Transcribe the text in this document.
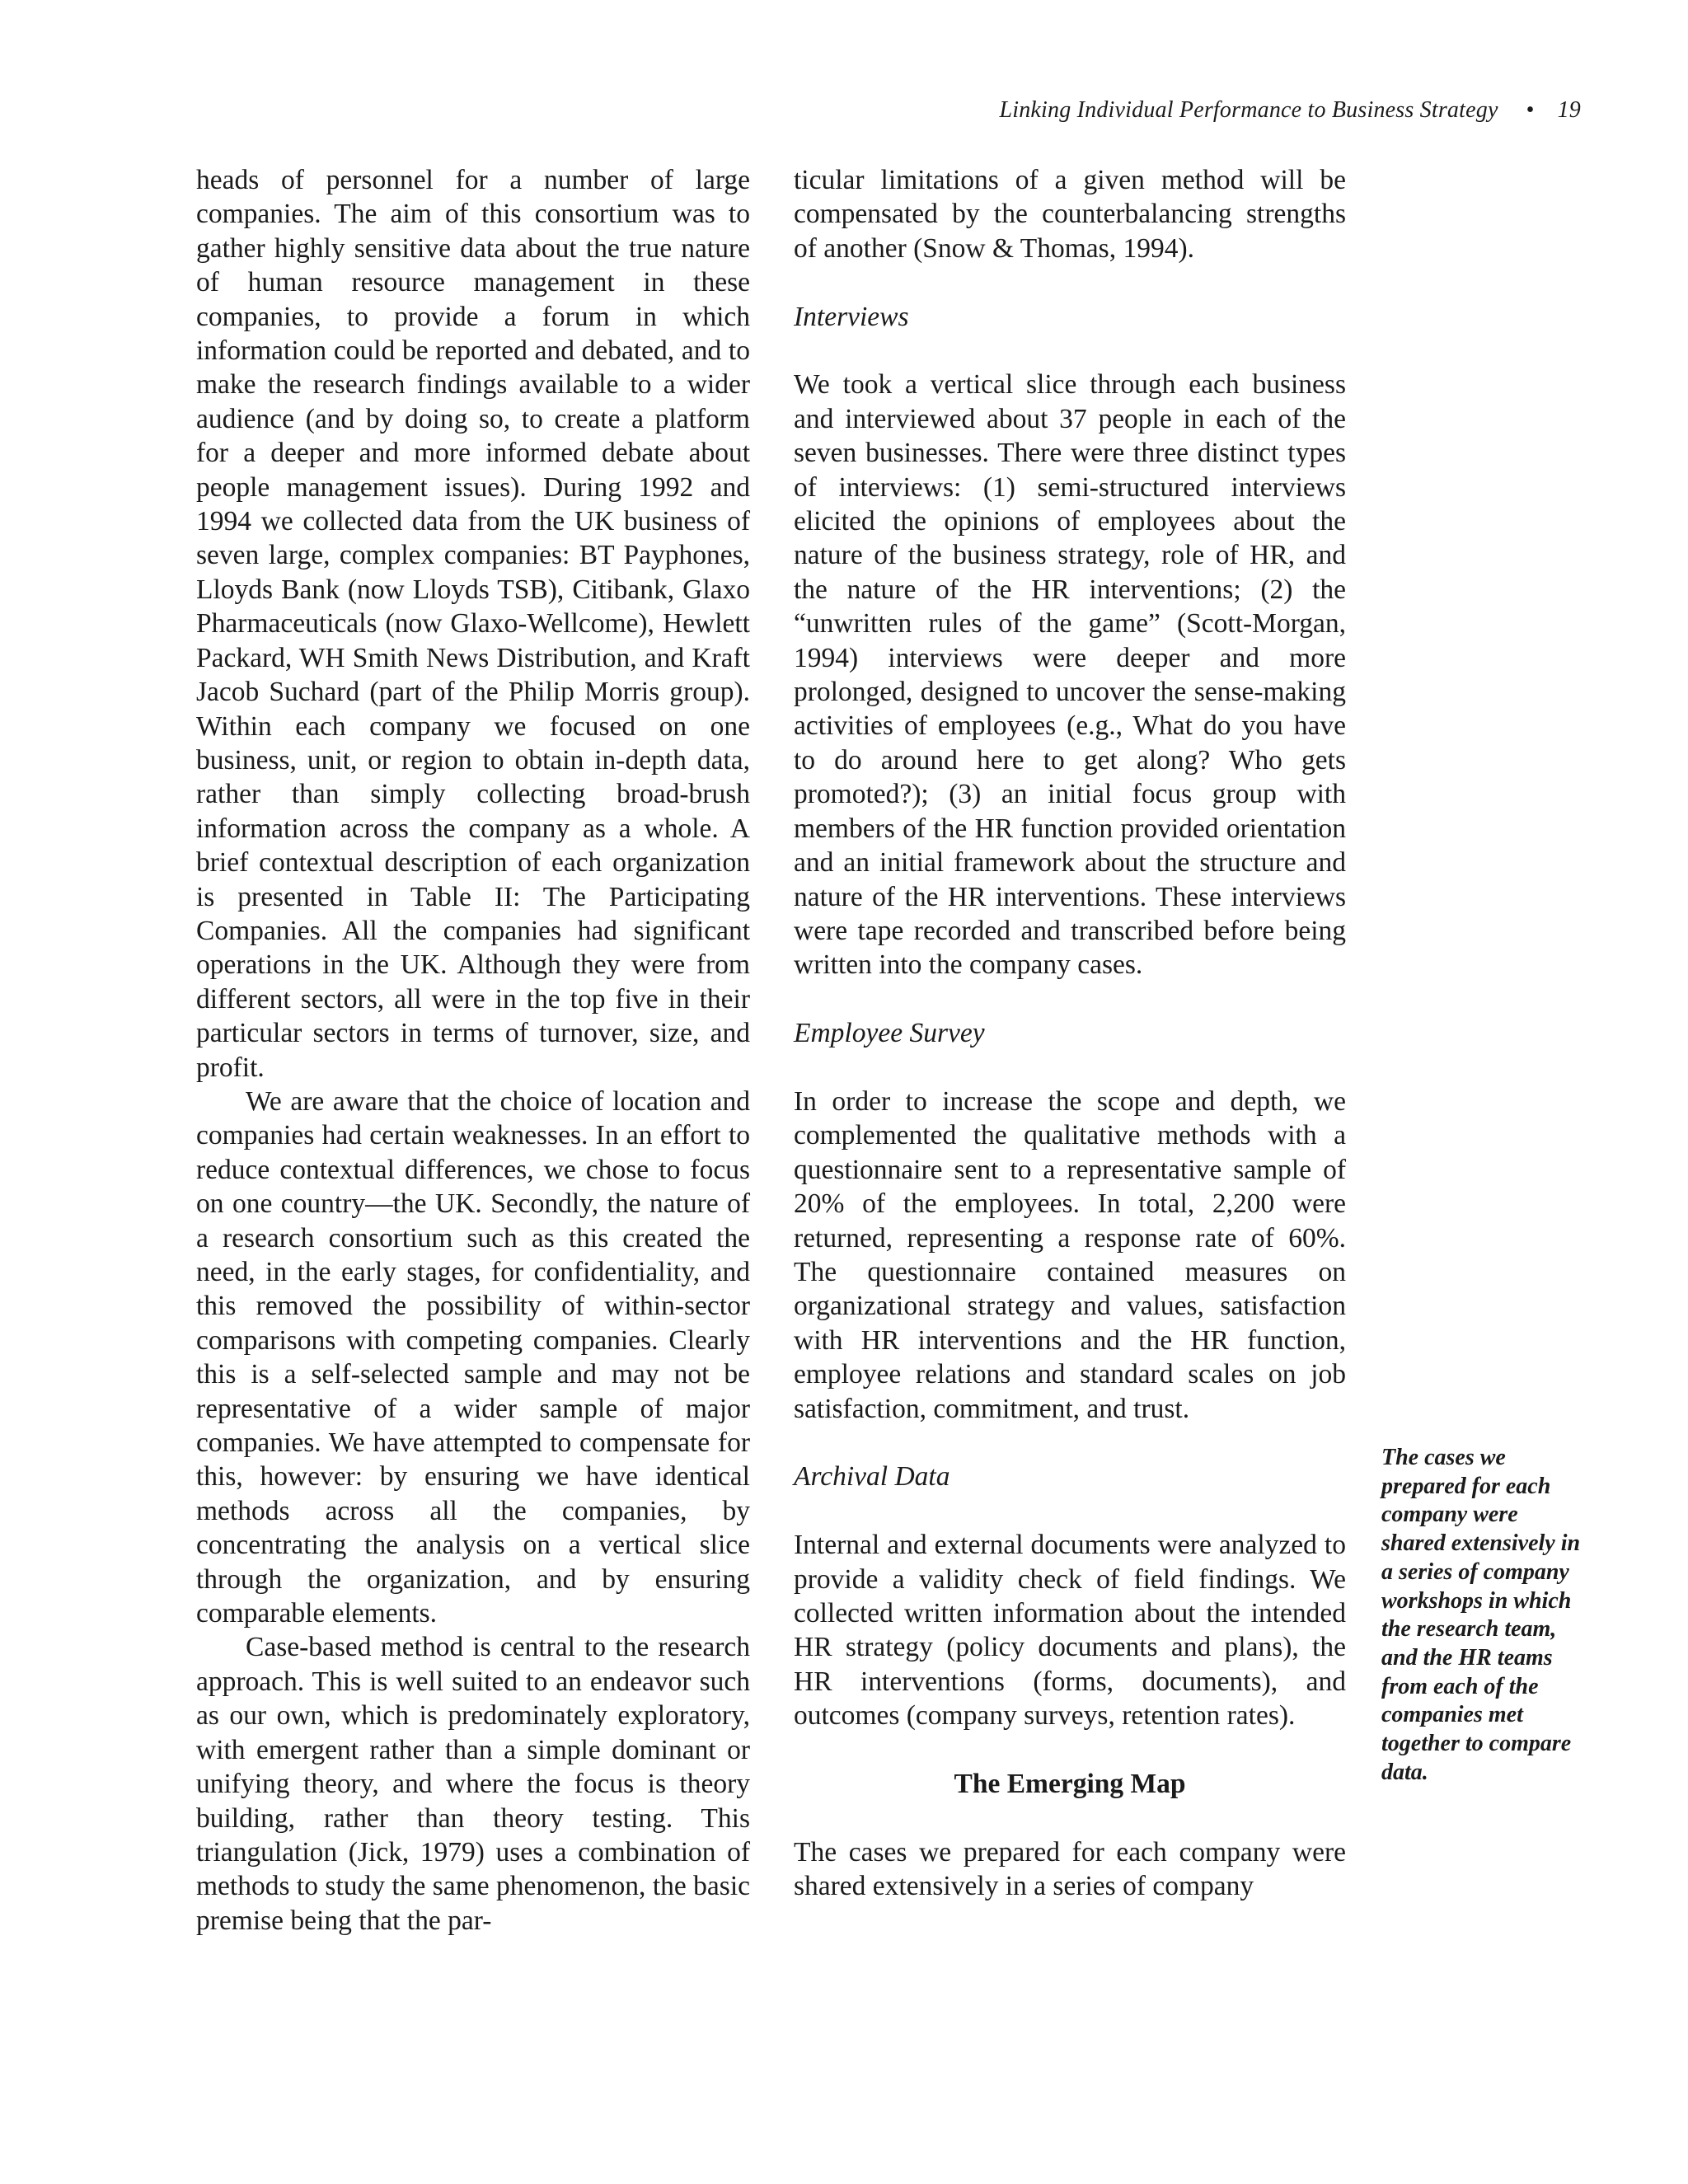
Linking Individual Performance to Business Strategy • 19

heads of personnel for a number of large companies. The aim of this consortium was to gather highly sensitive data about the true nature of human resource management in these companies, to provide a forum in which information could be reported and debated, and to make the research findings available to a wider audience (and by doing so, to create a platform for a deeper and more informed debate about people management issues). During 1992 and 1994 we collected data from the UK business of seven large, complex companies: BT Payphones, Lloyds Bank (now Lloyds TSB), Citibank, Glaxo Pharmaceuticals (now Glaxo-Wellcome), Hewlett Packard, WH Smith News Distribution, and Kraft Jacob Suchard (part of the Philip Morris group). Within each company we focused on one business, unit, or region to obtain in-depth data, rather than simply collecting broad-brush information across the company as a whole. A brief contextual description of each organization is presented in Table II: The Participating Companies. All the companies had significant operations in the UK. Although they were from different sectors, all were in the top five in their particular sectors in terms of turnover, size, and profit.

We are aware that the choice of location and companies had certain weaknesses. In an effort to reduce contextual differences, we chose to focus on one country—the UK. Secondly, the nature of a research consortium such as this created the need, in the early stages, for confidentiality, and this removed the possibility of within-sector comparisons with competing companies. Clearly this is a self-selected sample and may not be representative of a wider sample of major companies. We have attempted to compensate for this, however: by ensuring we have identical methods across all the companies, by concentrating the analysis on a vertical slice through the organization, and by ensuring comparable elements.

Case-based method is central to the research approach. This is well suited to an endeavor such as our own, which is predominately exploratory, with emergent rather than a simple dominant or unifying theory, and where the focus is theory building, rather than theory testing. This triangulation (Jick, 1979) uses a combination of methods to study the same phenomenon, the basic premise being that the par-

ticular limitations of a given method will be compensated by the counterbalancing strengths of another (Snow & Thomas, 1994).

Interviews

We took a vertical slice through each business and interviewed about 37 people in each of the seven businesses. There were three distinct types of interviews: (1) semi-structured interviews elicited the opinions of employees about the nature of the business strategy, role of HR, and the nature of the HR interventions; (2) the “unwritten rules of the game” (Scott-Morgan, 1994) interviews were deeper and more prolonged, designed to uncover the sense-making activities of employees (e.g., What do you have to do around here to get along? Who gets promoted?); (3) an initial focus group with members of the HR function provided orientation and an initial framework about the structure and nature of the HR interventions. These interviews were tape recorded and transcribed before being written into the company cases.

Employee Survey

In order to increase the scope and depth, we complemented the qualitative methods with a questionnaire sent to a representative sample of 20% of the employees. In total, 2,200 were returned, representing a response rate of 60%. The questionnaire contained measures on organizational strategy and values, satisfaction with HR interventions and the HR function, employee relations and standard scales on job satisfaction, commitment, and trust.

Archival Data

Internal and external documents were analyzed to provide a validity check of field findings. We collected written information about the intended HR strategy (policy documents and plans), the HR interventions (forms, documents), and outcomes (company surveys, retention rates).

The Emerging Map

The cases we prepared for each company were shared extensively in a series of company

The cases we prepared for each company were shared extensively in a series of company workshops in which the research team, and the HR teams from each of the companies met together to compare data.
